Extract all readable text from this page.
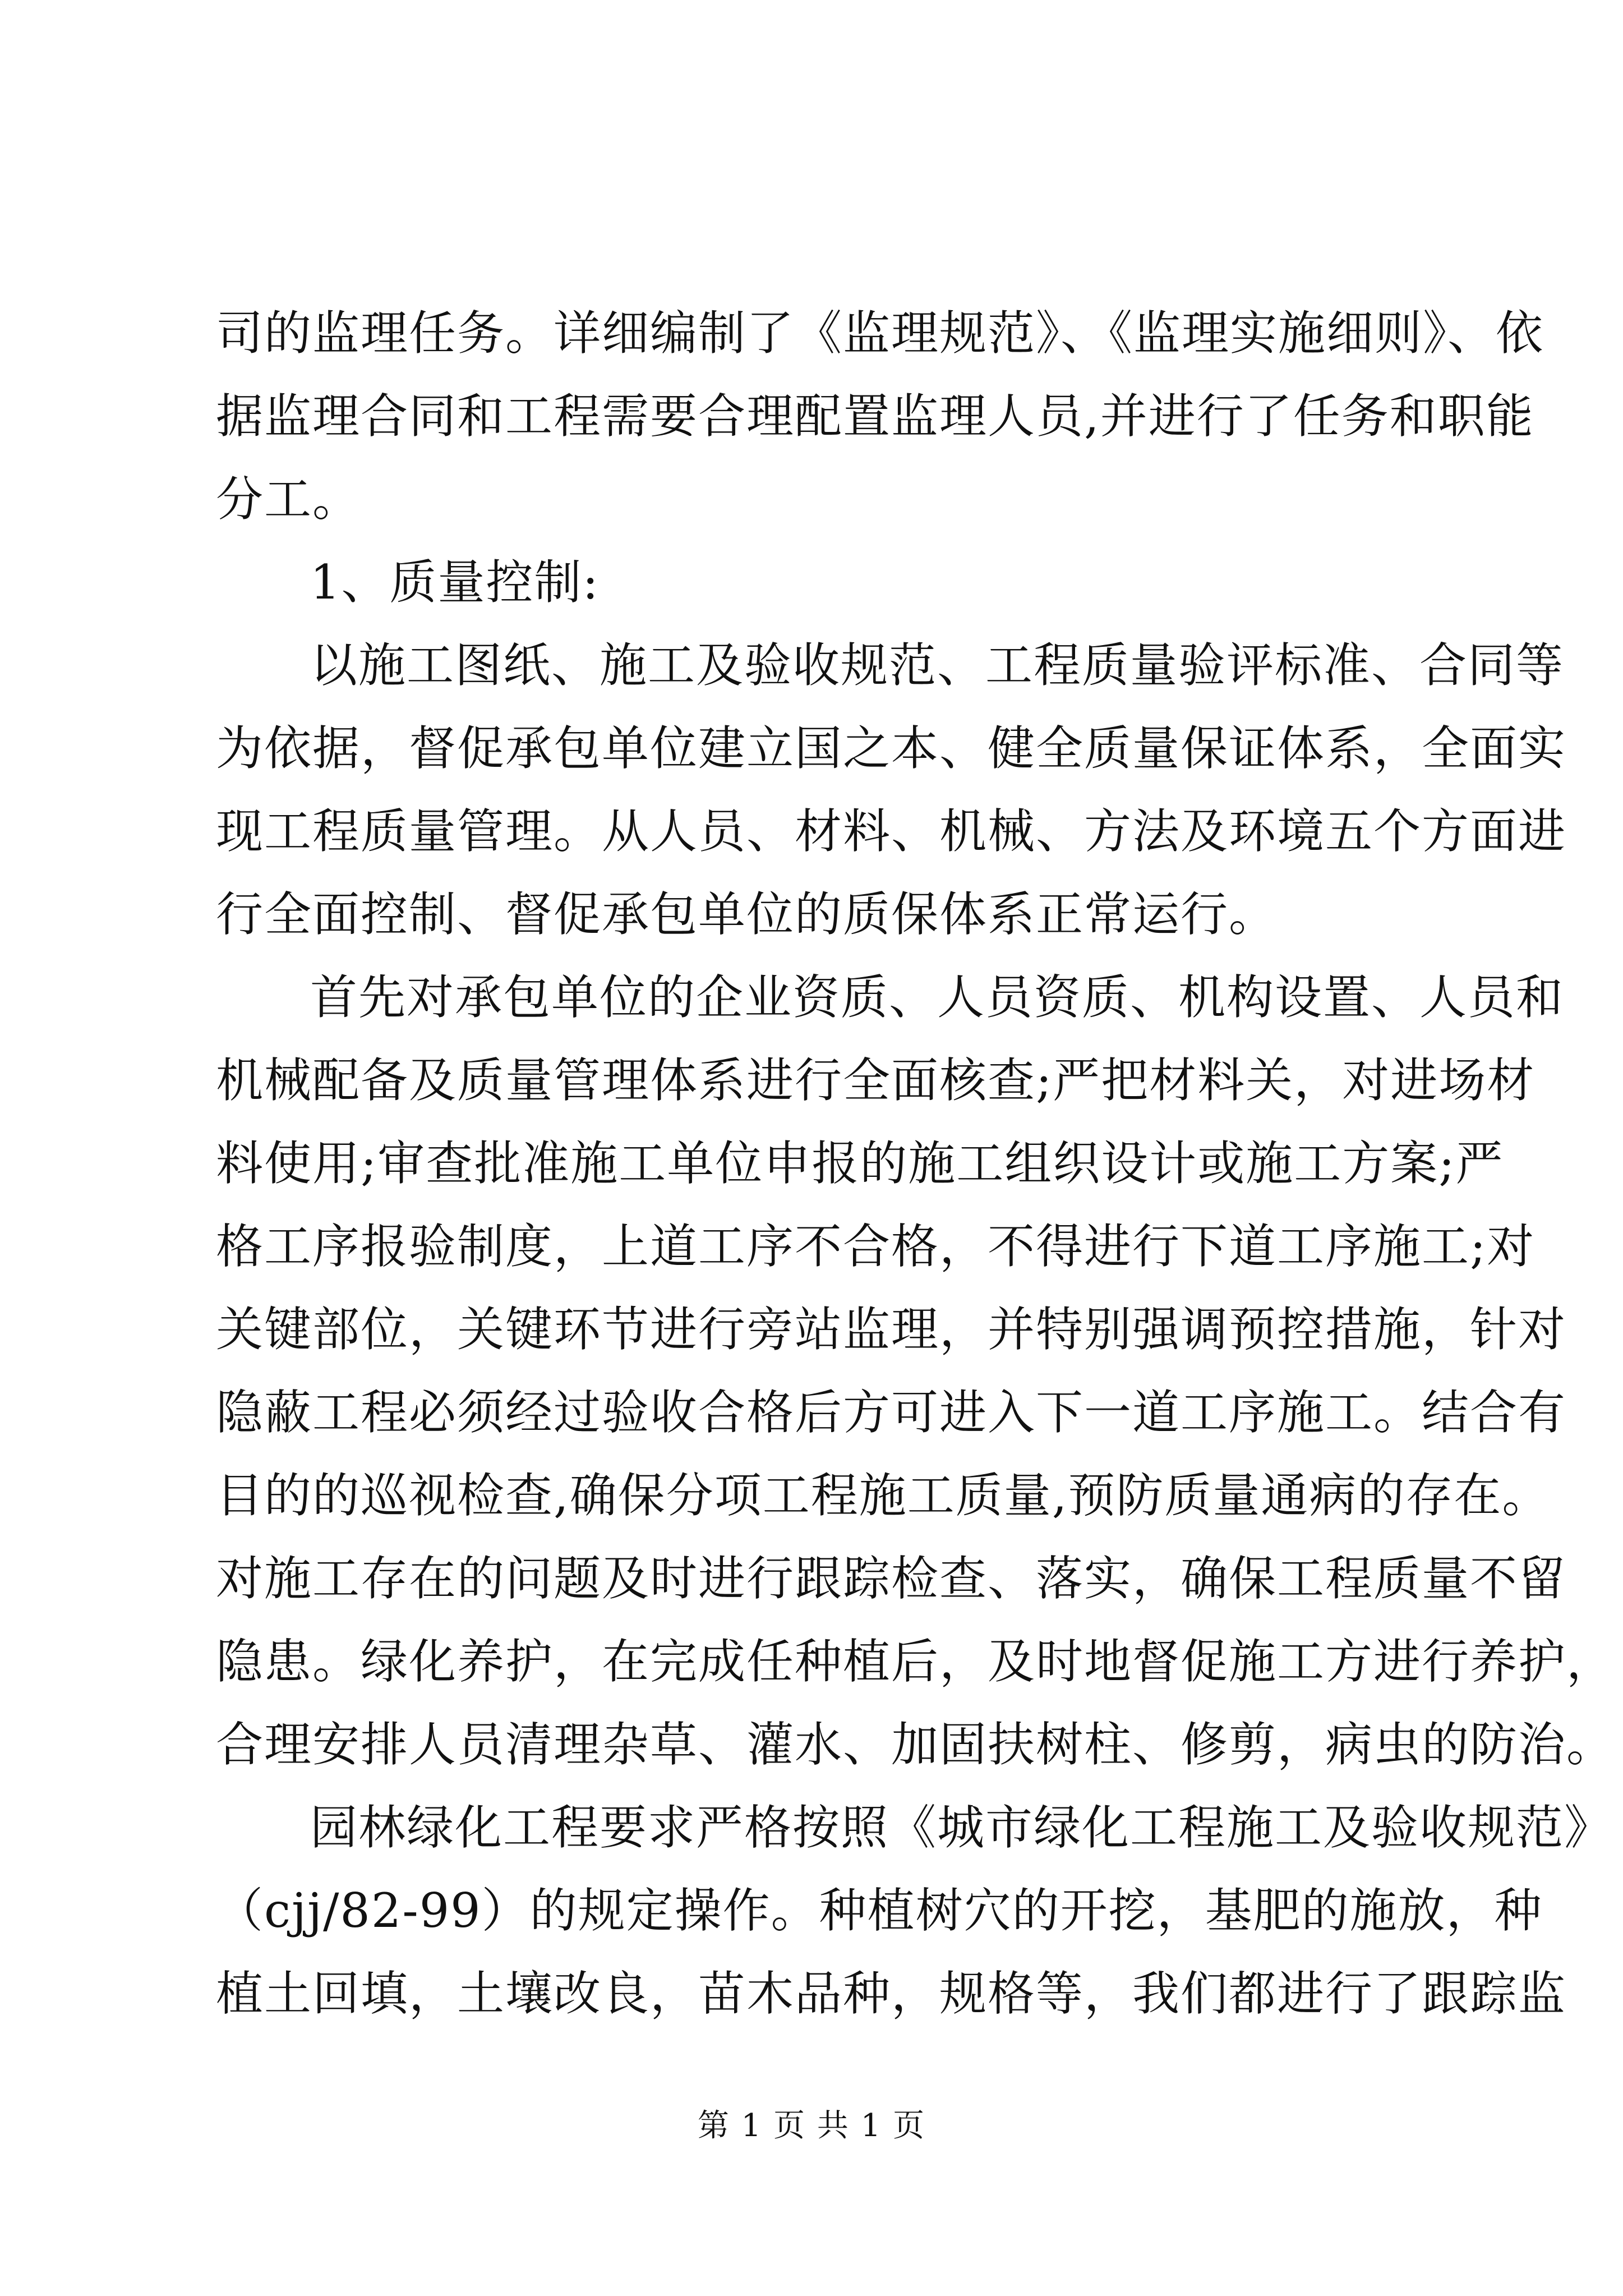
司的监理任务。详细编制了《监理规范》、《监理实施细则》、依
据监理合同和工程需要合理配置监理人员,并进行了任务和职能
分工。
1、质量控制:
以施工图纸、施工及验收规范、工程质量验评标准、合同等
为依据，督促承包单位建立国之本、健全质量保证体系，全面实
现工程质量管理。从人员、材料、机械、方法及环境五个方面进
行全面控制、督促承包单位的质保体系正常运行。
首先对承包单位的企业资质、人员资质、机构设置、人员和
机械配备及质量管理体系进行全面核查;严把材料关，对进场材
料使用;审查批准施工单位申报的施工组织设计或施工方案;严
格工序报验制度，上道工序不合格，不得进行下道工序施工;对
关键部位，关键环节进行旁站监理，并特别强调预控措施，针对
隐蔽工程必须经过验收合格后方可进入下一道工序施工。结合有
目的的巡视检查,确保分项工程施工质量,预防质量通病的存在。
对施工存在的问题及时进行跟踪检查、落实，确保工程质量不留
隐患。绿化养护，在完成任种植后，及时地督促施工方进行养护，
合理安排人员清理杂草、灌水、加固扶树柱、修剪，病虫的防治。
园林绿化工程要求严格按照《城市绿化工程施工及验收规范》
（cjj/82-99）的规定操作。种植树穴的开挖，基肥的施放，种
植土回填，土壤改良，苗木品种，规格等，我们都进行了跟踪监
第 1 页 共 1 页
